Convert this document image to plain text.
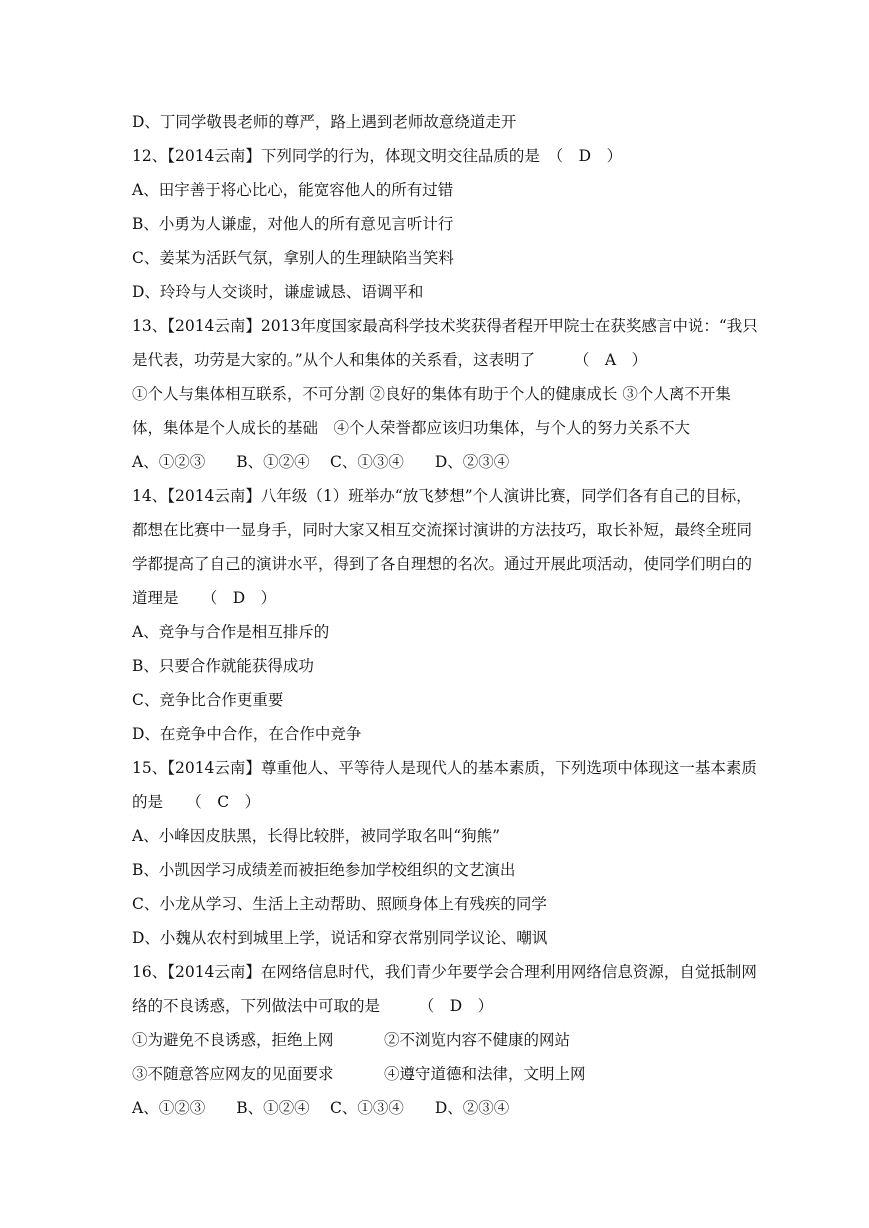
D、丁同学敬畏老师的尊严，路上遇到老师故意绕道走开
12、【2014云南】下列同学的行为，体现文明交往品质的是　（　D　）
A、田宇善于将心比心，能宽容他人的所有过错
B、小勇为人谦虚，对他人的所有意见言听计行
C、姜某为活跃气氛，拿别人的生理缺陷当笑料
D、玲玲与人交谈时，谦虚诚恳、语调平和
13、【2014云南】2013年度国家最高科学技术奖获得者程开甲院士在获奖感言中说：“我只
是代表，功劳是大家的。”从个人和集体的关系看，这表明了　　　（　A　）
①个人与集体相互联系，不可分割 ②良好的集体有助于个人的健康成长 ③个人离不开集
体，集体是个人成长的基础　④个人荣誉都应该归功集体，与个人的努力关系不大
A、①②③　　B、①②④　 C、①③④　　D、②③④
14、【2014云南】八年级（1）班举办“放飞梦想”个人演讲比赛，同学们各有自己的目标，
都想在比赛中一显身手，同时大家又相互交流探讨演讲的方法技巧，取长补短，最终全班同
学都提高了自己的演讲水平，得到了各自理想的名次。通过开展此项活动，使同学们明白的
道理是　　（　D　）
A、竞争与合作是相互排斥的
B、只要合作就能获得成功
C、竞争比合作更重要
D、在竞争中合作，在合作中竞争
15、【2014云南】尊重他人、平等待人是现代人的基本素质，下列选项中体现这一基本素质
的是　　（　C　）
A、小峰因皮肤黑，长得比较胖，被同学取名叫“狗熊”
B、小凯因学习成绩差而被拒绝参加学校组织的文艺演出
C、小龙从学习、生活上主动帮助、照顾身体上有残疾的同学
D、小魏从农村到城里上学，说话和穿衣常别同学议论、嘲讽
16、【2014云南】在网络信息时代，我们青少年要学会合理利用网络信息资源，自觉抵制网
络的不良诱惑，下列做法中可取的是　　　（　D　）
①为避免不良诱惑，拒绝上网	②不浏览内容不健康的网站
③不随意答应网友的见面要求	④遵守道德和法律，文明上网
A、①②③　　B、①②④　 C、①③④　　D、②③④
